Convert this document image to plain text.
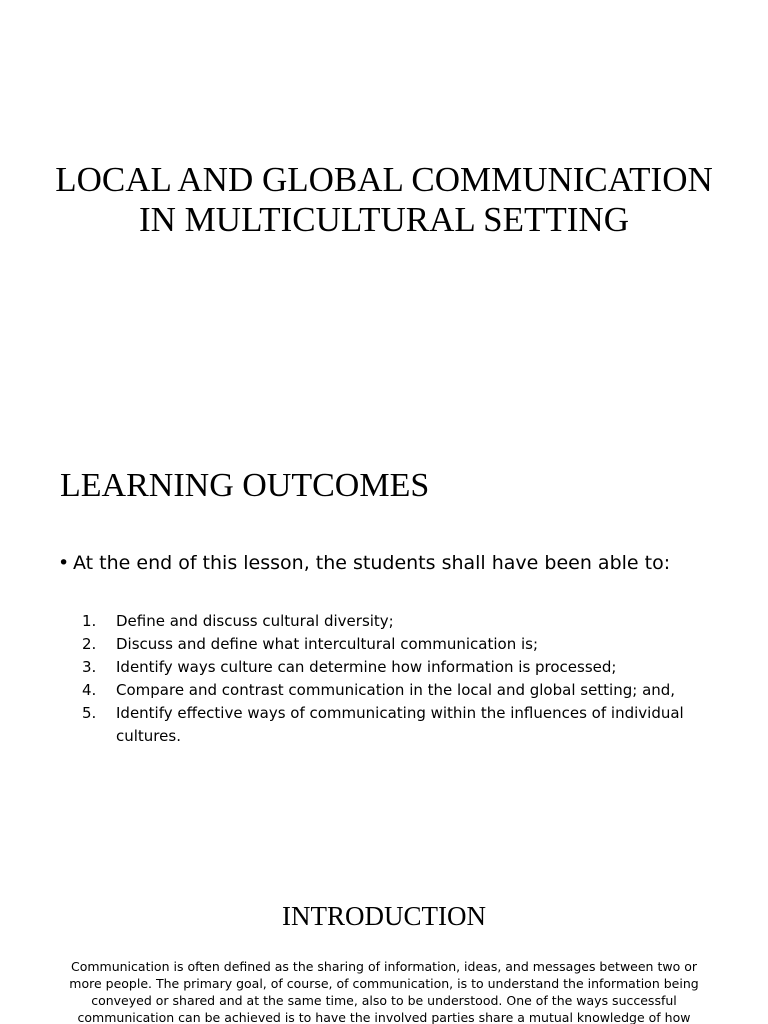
LOCAL AND GLOBAL COMMUNICATION
IN MULTICULTURAL SETTING
LEARNING OUTCOMES
• At the end of this lesson, the students shall have been able to:
1.	Define and discuss cultural diversity;
2.	Discuss and define what intercultural communication is;
3.	Identify ways culture can determine how information is processed;
4.	Compare and contrast communication in the local and global setting; and,
5.	Identify effective ways of communicating within the influences of individual cultures.
INTRODUCTION

Communication is often defined as the sharing of information, ideas, and messages between two or more people. The primary goal, of course, of communication, is to understand the information being conveyed or shared and at the same time, also to be understood. One of the ways successful communication can be achieved is to have the involved parties share a mutual knowledge of how
